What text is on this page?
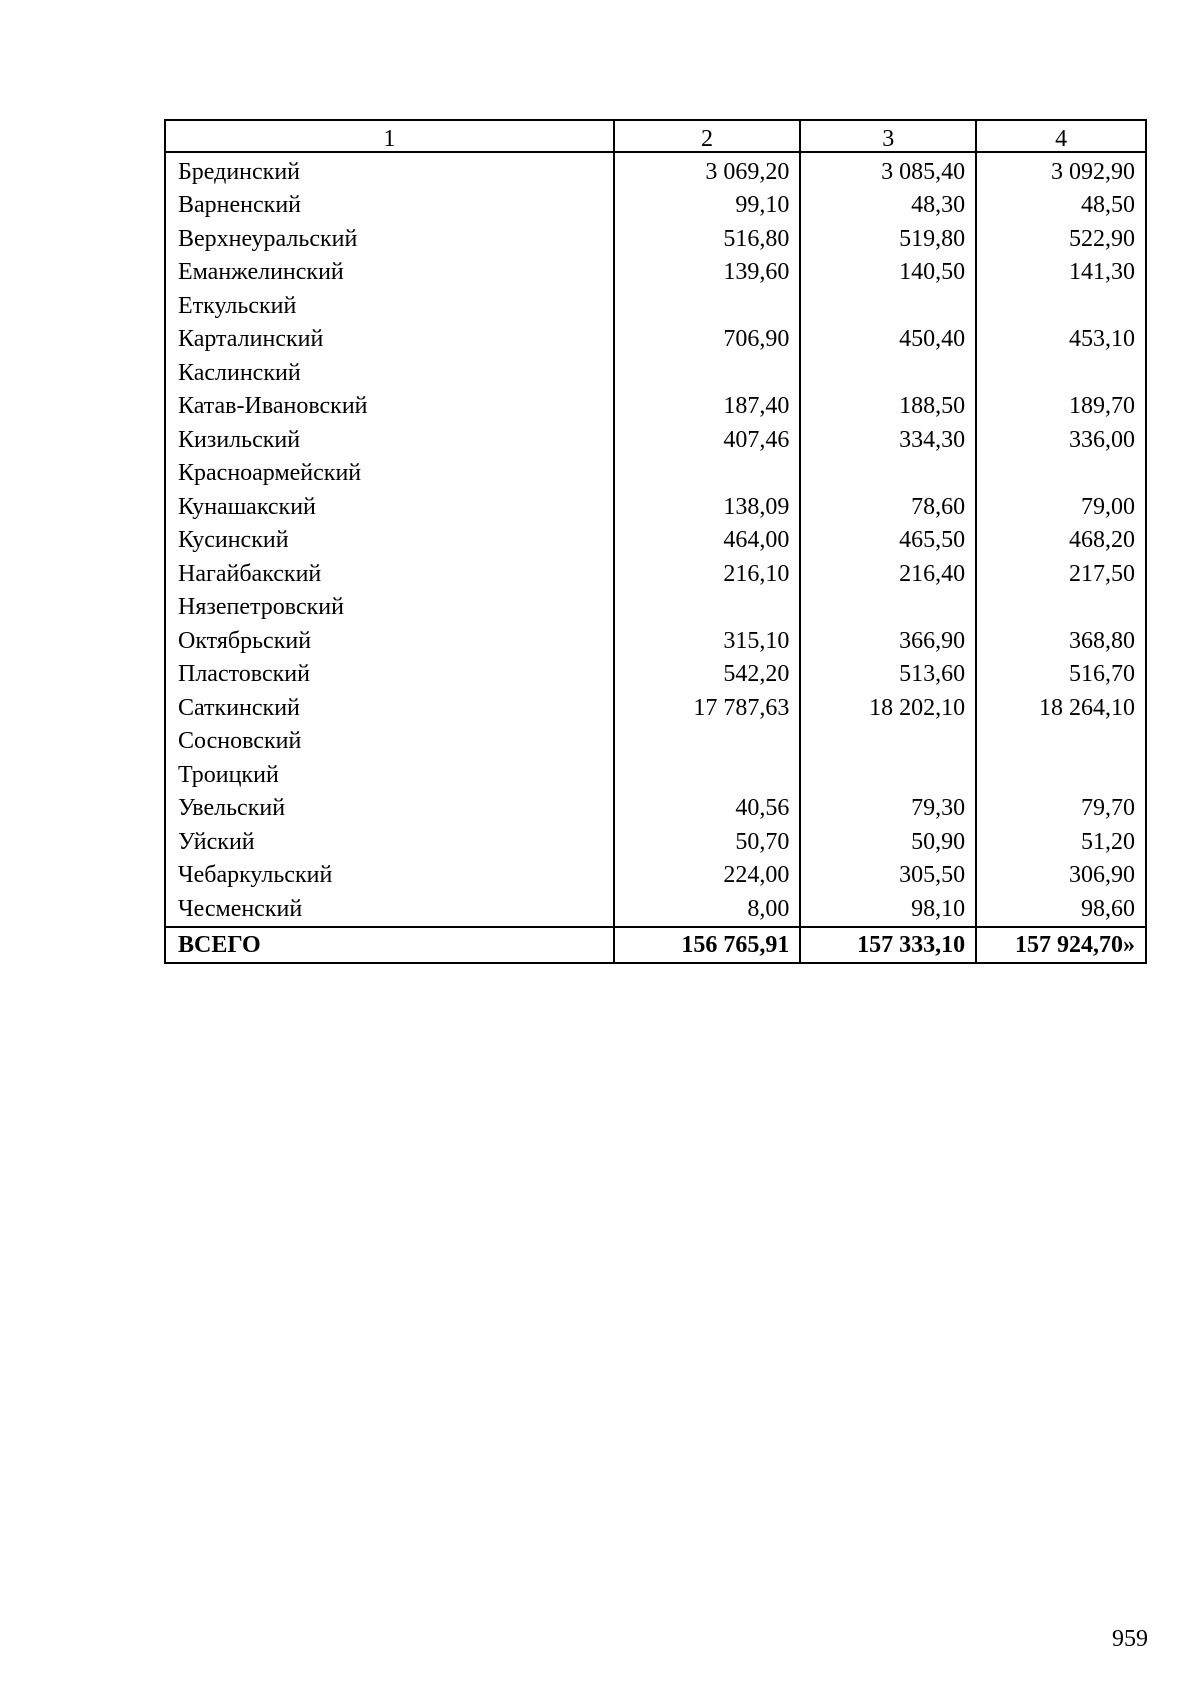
1	2	3	4
Брединский	3 069,20	3 085,40	3 092,90
Варненский	99,10	48,30	48,50
Верхнеуральский	516,80	519,80	522,90
Еманжелинский	139,60	140,50	141,30
Еткульский			
Карталинский	706,90	450,40	453,10
Каслинский			
Катав-Ивановский	187,40	188,50	189,70
Кизильский	407,46	334,30	336,00
Красноармейский			
Кунашакский	138,09	78,60	79,00
Кусинский	464,00	465,50	468,20
Нагайбакский	216,10	216,40	217,50
Нязепетровский			
Октябрьский	315,10	366,90	368,80
Пластовский	542,20	513,60	516,70
Саткинский	17 787,63	18 202,10	18 264,10
Сосновский			
Троицкий			
Увельский	40,56	79,30	79,70
Уйский	50,70	50,90	51,20
Чебаркульский	224,00	305,50	306,90
Чесменский	8,00	98,10	98,60
ВСЕГО	156 765,91	157 333,10	157 924,70»
959
